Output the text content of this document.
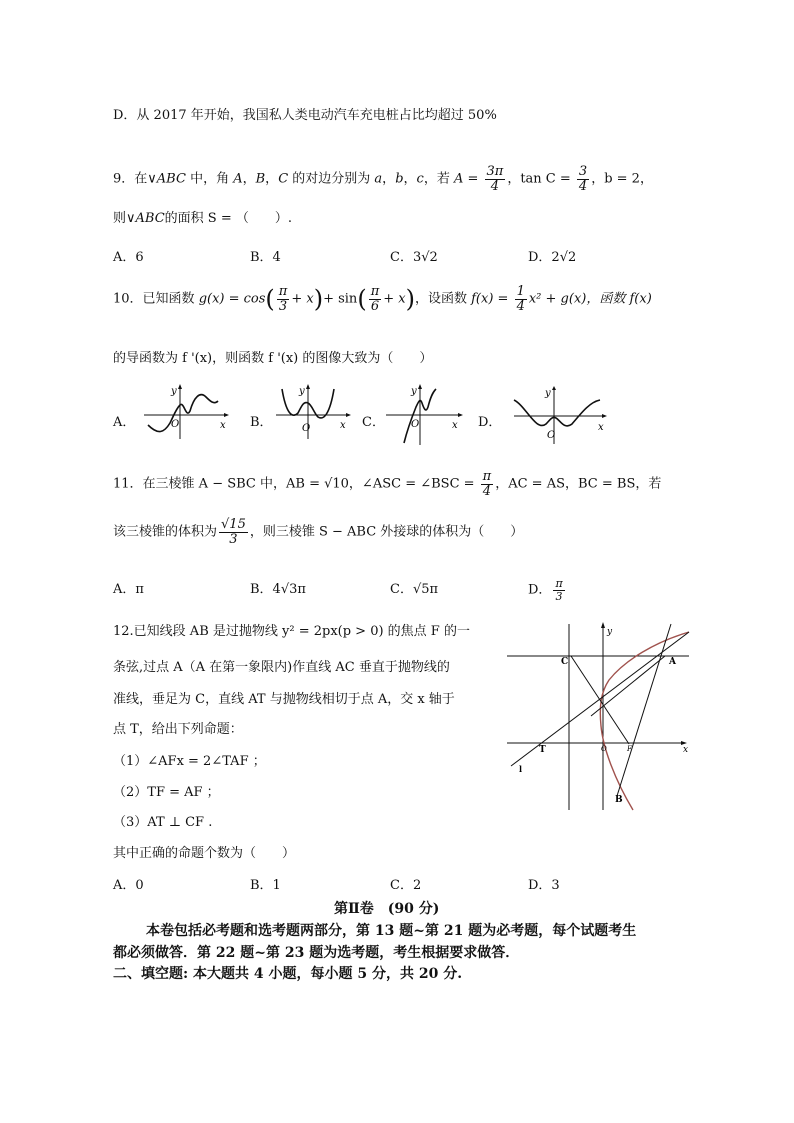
D．从 2017 年开始，我国私人类电动汽车充电桩占比均超过 50%
9．在∨ABC 中，角 A，B，C 的对边分别为 a，b，c，若 $A = \frac{3\pi}{4}$ ，$\tan C = \frac{3}{4}$ ，b = 2，
则∨ABC的面积 S = （　　）.
A．6	B．4	C．3√2	D．2√2
10．已知函数 $g(x) = \cos( \frac{\pi}{3} + x)+ \sin( \frac{\pi}{6} + x)$，设函数 $f(x) = \frac{1}{4} x^2 + g(x)$，函数 f(x)
的导函数为 f '(x)，则函数 f '(x) 的图像大致为（　　）
A．	B．	C．	D．
y
x
O
y
x
O
y
x
O
y
x
O
11．在三棱锥 A − SBC 中，AB = √10，∠ASC = ∠BSC = $\frac{\pi}{4}$ ，AC = AS，BC = BS，若
该三棱锥的体积为 $\frac{√15}{3}$ ，则三棱锥 S − ABC 外接球的体积为（　　）
A．π	B．4√3π	C．√5π	D． $\frac{\pi}{3}$
12.已知线段 AB 是过抛物线 y² = 2px(p > 0) 的焦点 F 的一
条弦,过点 A（A 在第一象限内)作直线 AC 垂直于抛物线的
准线，垂足为 C，直线 AT 与抛物线相切于点 A，交 x 轴于
点 T，给出下列命题：
（1）∠AFx = 2∠TAF ；
（2）TF = AF ；
（3）AT ⊥ CF .
其中正确的命题个数为（　　）
A．0	B．1	C．2	D．3
C	A
T	O	F
B
y
x
l
第Ⅱ卷　(90 分)
本卷包括必考题和选考题两部分，第 13 题~第 21 题为必考题，每个试题考生
都必须做答．第 22 题~第 23 题为选考题，考生根据要求做答．
二、填空题: 本大题共 4 小题，每小题 5 分，共 20 分.
